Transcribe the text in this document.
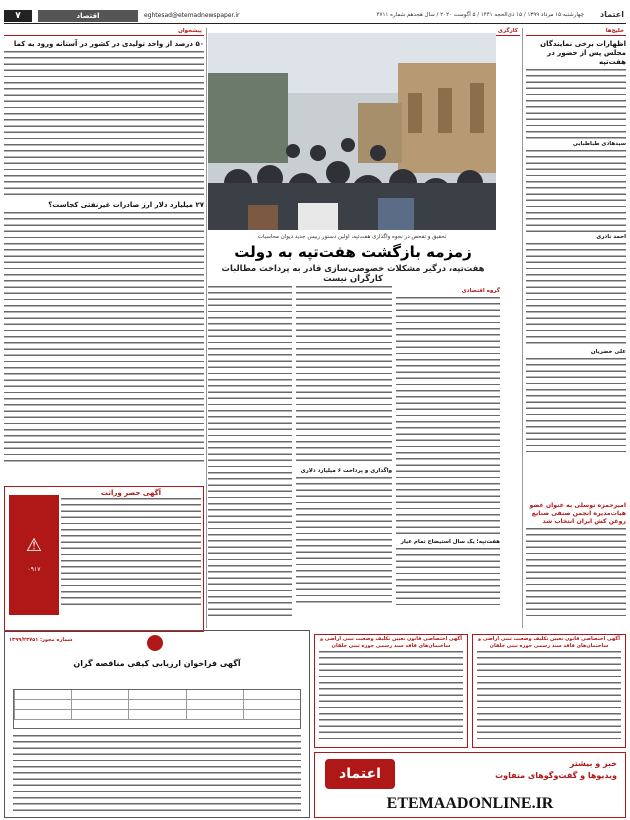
اعتماد
چهارشنبه ۱۵ مرداد ۱۳۹۹ / ۱۵ ذی‌الحجه ۱۴۴۱ / ۵ آگوست ۲۰۲۰ / سال هجدهم شماره ۴۷۱۱
eghtesad@etemadnewspaper.ir
اقتصاد
۷
خلیج‌ها
اظهارات برخی نمایندگان مجلس پس از حضور در هفت‌تپه
سیدهادی طباطبایی
احمد نادری
علی خضریان
امیرحمزه توسلی به عنوان عضو هیات‌مدیره انجمن صنفی صنایع روغن کش ایران انتخاب شد
کارگری
تحقیق و تفحص در نحوه واگذاری هفت‌تپه، اولین دستور رییس جدید دیوان محاسبات
زمزمه بازگشت هفت‌تپه به دولت
هفت‌تپه، درگیر مشکلات خصوصی‌سازی قادر به پرداخت مطالبات کارگران نیست
گروه اقتصادی
هفت‌تپه؛ یک سال استیضاح تمام عیار
واگذاری و پرداخت ۶ میلیارد دلاری
پیشخوان
۵۰ درصد از واحد تولیدی در کشور در آستانه ورود به کما
۲۷ میلیارد دلار ارز صادرات غیرنفتی کجاست؟
⚠
۰۹۱۷
آگهی حصر وراثت
شماره مجوز: ۱۳۹۹/۲۳۷۵۱
آگهی فراخوان ارزیابی کیفی مناقصه گران
آگهی اختصاصی قانون تعیین تکلیف وضعیت ثبتی اراضی و ساختمان‌های فاقد سند رسمی حوزه ثبتی جلفان
آگهی اختصاصی قانون تعیین تکلیف وضعیت ثبتی اراضی و ساختمان‌های فاقد سند رسمی حوزه ثبتی جلفان
اعتماد
خبر و بیشتر
ویدیوها و گفت‌وگوهای متفاوت
ETEMAADONLINE.IR
